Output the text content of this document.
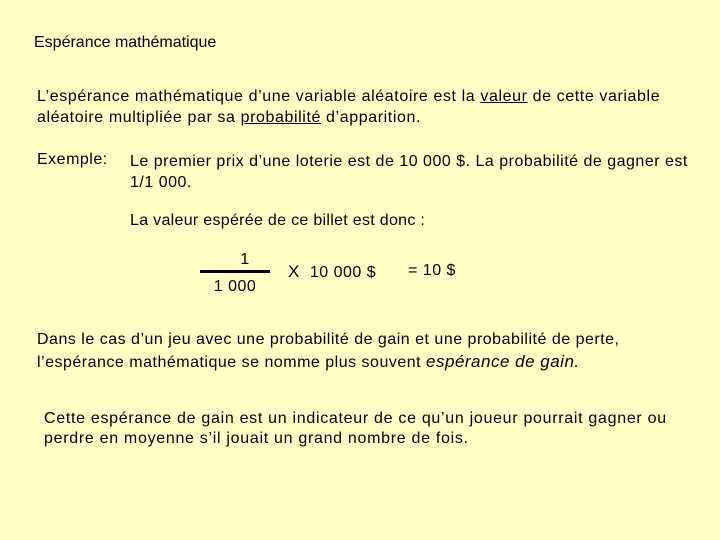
Espérance mathématique
L’espérance mathématique d’une variable aléatoire est la valeur de cette variable aléatoire multipliée par sa probabilité d’apparition.
Exemple: Le premier prix d’une loterie est de 10 000 $. La probabilité de gagner est 1/1 000.
La valeur espérée de ce billet est donc :
1
1 000
X 10 000 $ = 10 $
Dans le cas d’un jeu avec une probabilité de gain et une probabilité de perte, l’espérance mathématique se nomme plus souvent espérance de gain.
Cette espérance de gain est un indicateur de ce qu’un joueur pourrait gagner ou perdre en moyenne s’il jouait un grand nombre de fois.
